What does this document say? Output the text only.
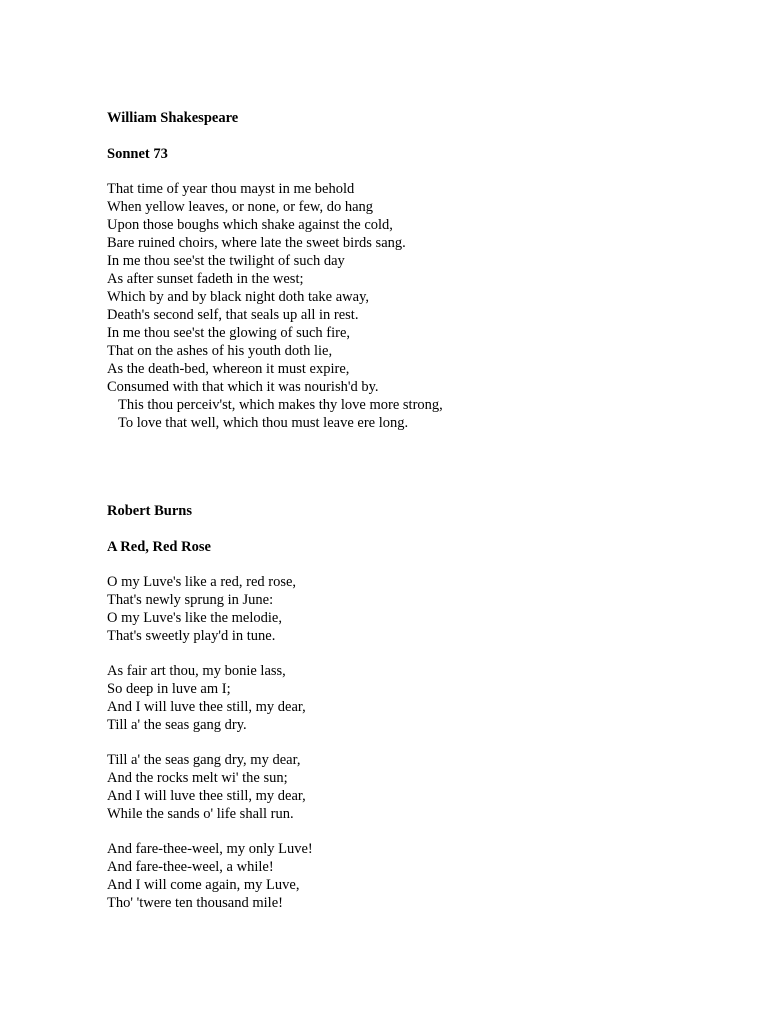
William Shakespeare
Sonnet 73
That time of year thou mayst in me behold
When yellow leaves, or none, or few, do hang
Upon those boughs which shake against the cold,
Bare ruined choirs, where late the sweet birds sang.
In me thou see'st the twilight of such day
As after sunset fadeth in the west;
Which by and by black night doth take away,
Death's second self, that seals up all in rest.
In me thou see'st the glowing of such fire,
That on the ashes of his youth doth lie,
As the death-bed, whereon it must expire,
Consumed with that which it was nourish'd by.
This thou perceiv'st, which makes thy love more strong,
To love that well, which thou must leave ere long.
Robert Burns
A Red, Red Rose
O my Luve's like a red, red rose,
That's newly sprung in June:
O my Luve's like the melodie,
That's sweetly play'd in tune.
As fair art thou, my bonie lass,
So deep in luve am I;
And I will luve thee still, my dear,
Till a' the seas gang dry.
Till a' the seas gang dry, my dear,
And the rocks melt wi' the sun;
And I will luve thee still, my dear,
While the sands o' life shall run.
And fare-thee-weel, my only Luve!
And fare-thee-weel, a while!
And I will come again, my Luve,
Tho' 'twere ten thousand mile!
